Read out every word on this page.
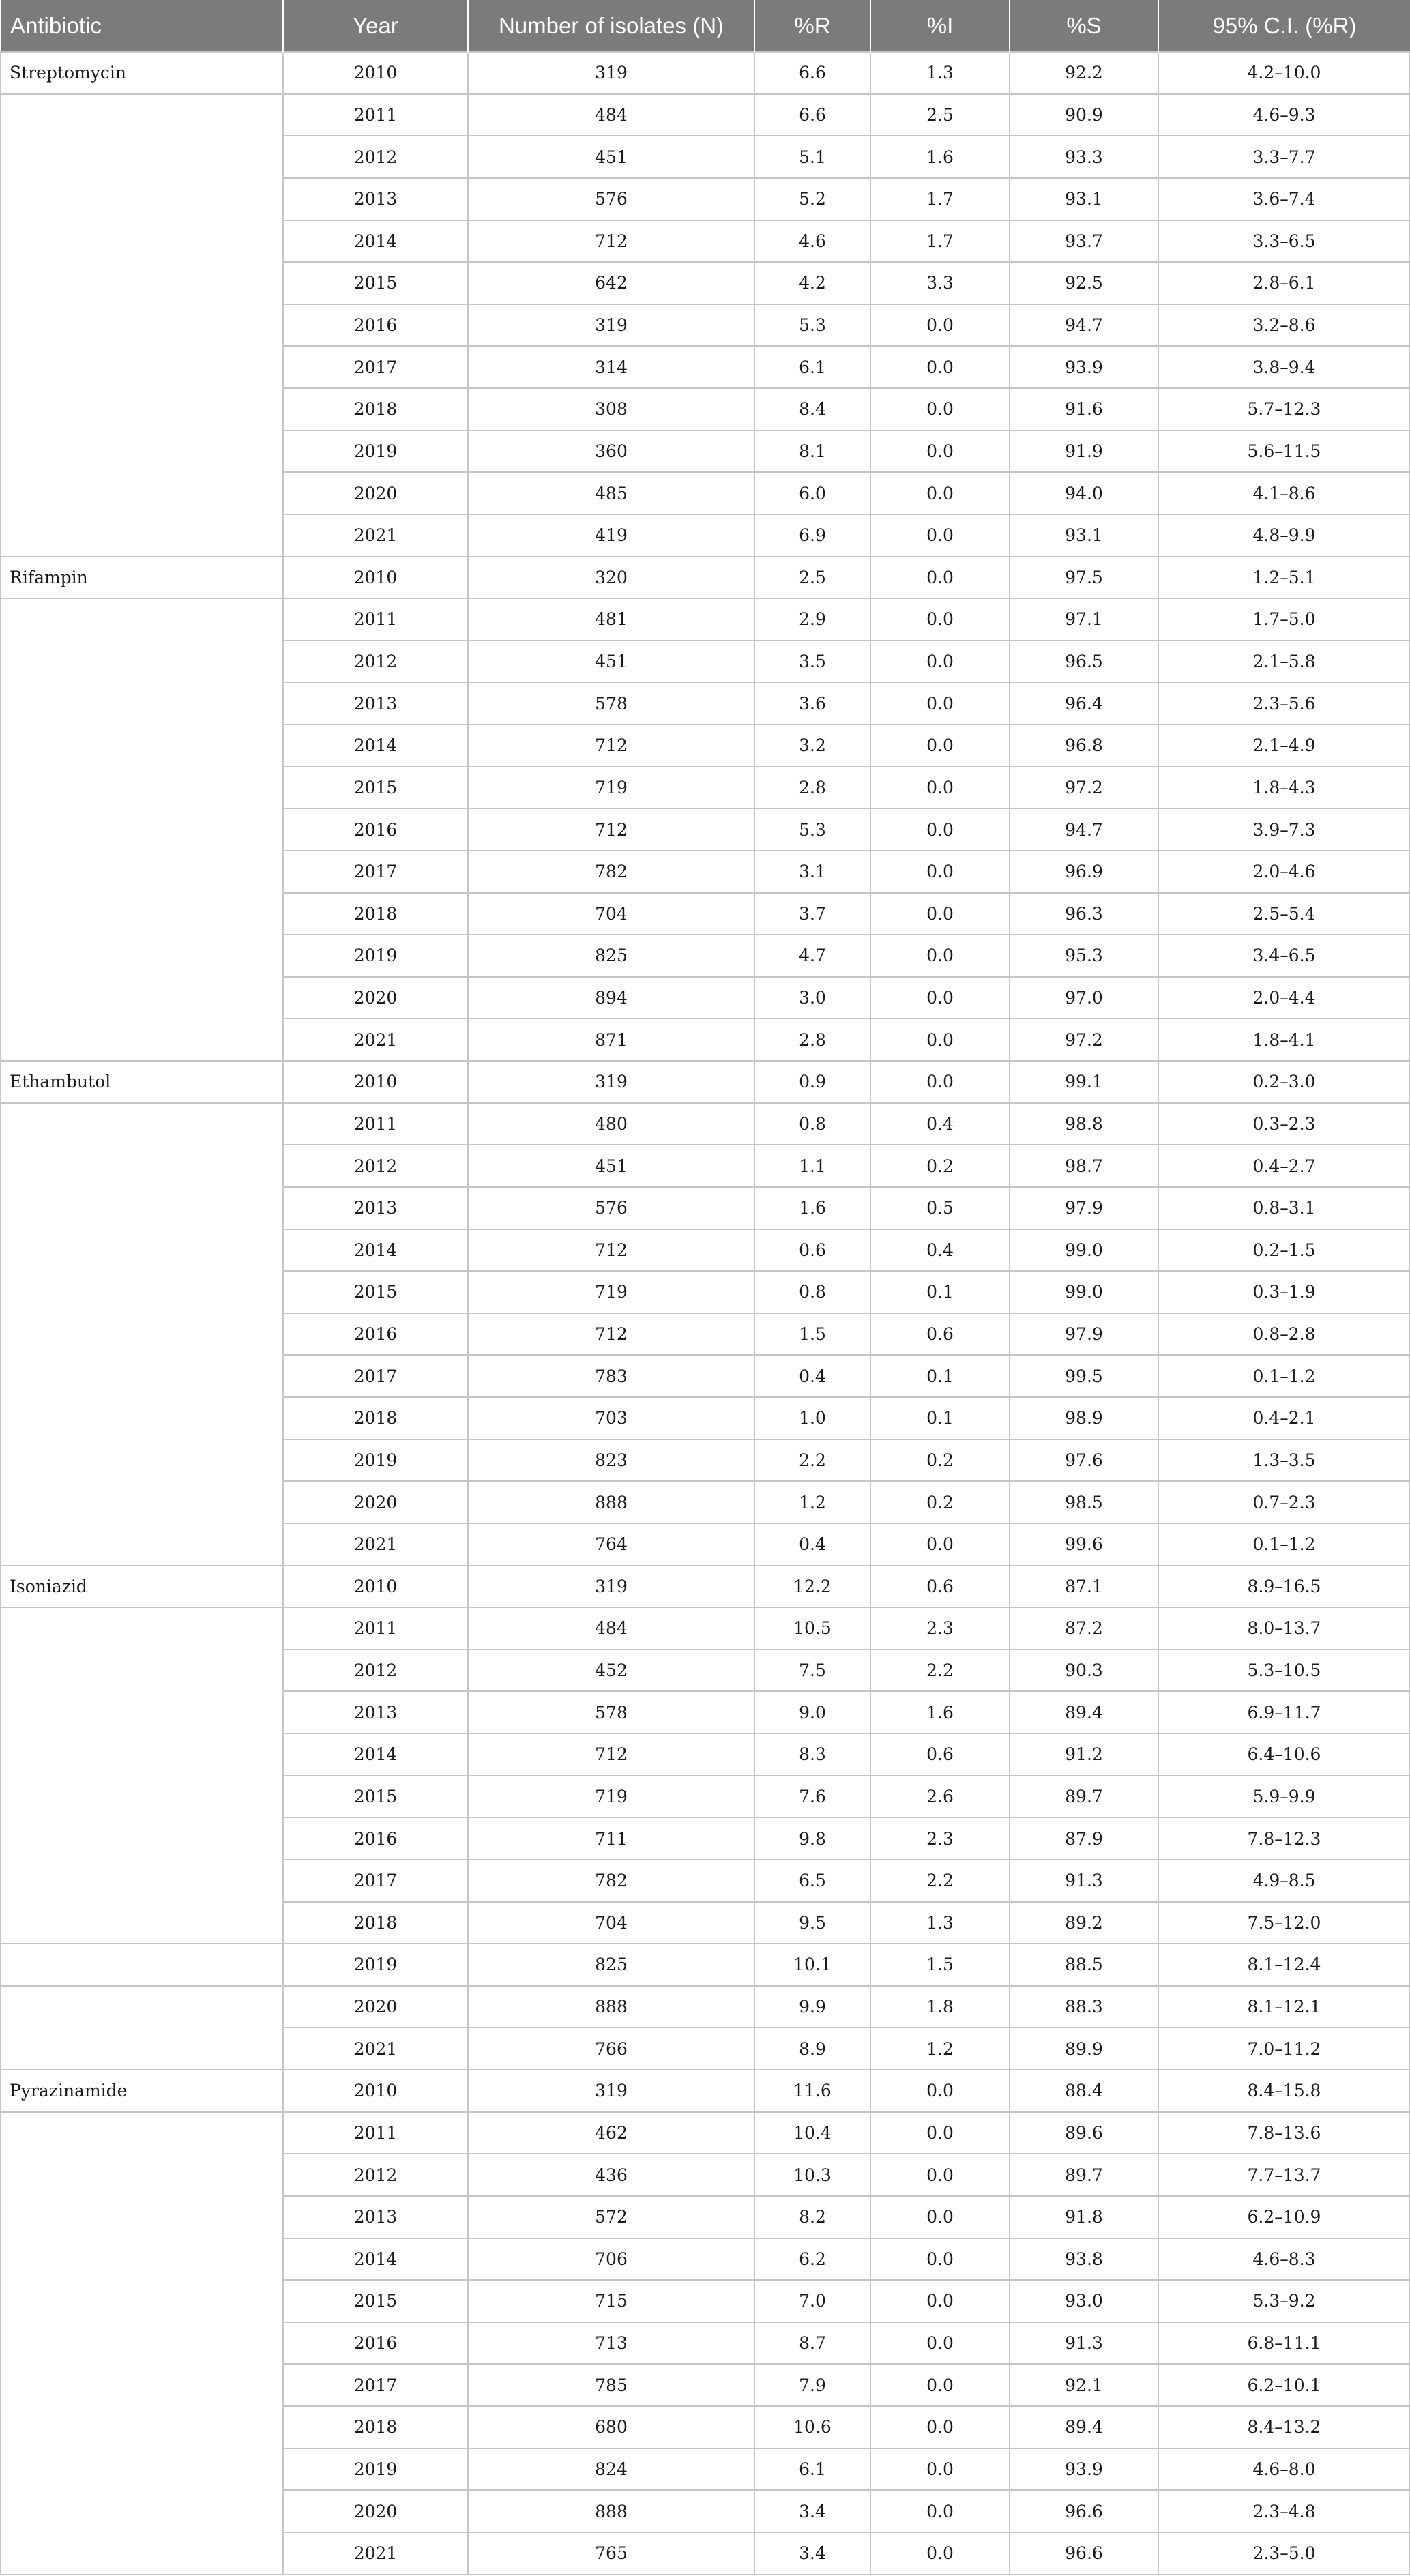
Antibiotic	Year	Number of isolates (N)	%R	%I	%S	95% C.I. (%R)
Streptomycin	2010	319	6.6	1.3	92.2	4.2–10.0
	2011	484	6.6	2.5	90.9	4.6–9.3
	2012	451	5.1	1.6	93.3	3.3–7.7
	2013	576	5.2	1.7	93.1	3.6–7.4
	2014	712	4.6	1.7	93.7	3.3–6.5
	2015	642	4.2	3.3	92.5	2.8–6.1
	2016	319	5.3	0.0	94.7	3.2–8.6
	2017	314	6.1	0.0	93.9	3.8–9.4
	2018	308	8.4	0.0	91.6	5.7–12.3
	2019	360	8.1	0.0	91.9	5.6–11.5
	2020	485	6.0	0.0	94.0	4.1–8.6
	2021	419	6.9	0.0	93.1	4.8–9.9
Rifampin	2010	320	2.5	0.0	97.5	1.2–5.1
	2011	481	2.9	0.0	97.1	1.7–5.0
	2012	451	3.5	0.0	96.5	2.1–5.8
	2013	578	3.6	0.0	96.4	2.3–5.6
	2014	712	3.2	0.0	96.8	2.1–4.9
	2015	719	2.8	0.0	97.2	1.8–4.3
	2016	712	5.3	0.0	94.7	3.9–7.3
	2017	782	3.1	0.0	96.9	2.0–4.6
	2018	704	3.7	0.0	96.3	2.5–5.4
	2019	825	4.7	0.0	95.3	3.4–6.5
	2020	894	3.0	0.0	97.0	2.0–4.4
	2021	871	2.8	0.0	97.2	1.8–4.1
Ethambutol	2010	319	0.9	0.0	99.1	0.2–3.0
	2011	480	0.8	0.4	98.8	0.3–2.3
	2012	451	1.1	0.2	98.7	0.4–2.7
	2013	576	1.6	0.5	97.9	0.8–3.1
	2014	712	0.6	0.4	99.0	0.2–1.5
	2015	719	0.8	0.1	99.0	0.3–1.9
	2016	712	1.5	0.6	97.9	0.8–2.8
	2017	783	0.4	0.1	99.5	0.1–1.2
	2018	703	1.0	0.1	98.9	0.4–2.1
	2019	823	2.2	0.2	97.6	1.3–3.5
	2020	888	1.2	0.2	98.5	0.7–2.3
	2021	764	0.4	0.0	99.6	0.1–1.2
Isoniazid	2010	319	12.2	0.6	87.1	8.9–16.5
	2011	484	10.5	2.3	87.2	8.0–13.7
	2012	452	7.5	2.2	90.3	5.3–10.5
	2013	578	9.0	1.6	89.4	6.9–11.7
	2014	712	8.3	0.6	91.2	6.4–10.6
	2015	719	7.6	2.6	89.7	5.9–9.9
	2016	711	9.8	2.3	87.9	7.8–12.3
	2017	782	6.5	2.2	91.3	4.9–8.5
	2018	704	9.5	1.3	89.2	7.5–12.0
	2019	825	10.1	1.5	88.5	8.1–12.4
	2020	888	9.9	1.8	88.3	8.1–12.1
	2021	766	8.9	1.2	89.9	7.0–11.2
Pyrazinamide	2010	319	11.6	0.0	88.4	8.4–15.8
	2011	462	10.4	0.0	89.6	7.8–13.6
	2012	436	10.3	0.0	89.7	7.7–13.7
	2013	572	8.2	0.0	91.8	6.2–10.9
	2014	706	6.2	0.0	93.8	4.6–8.3
	2015	715	7.0	0.0	93.0	5.3–9.2
	2016	713	8.7	0.0	91.3	6.8–11.1
	2017	785	7.9	0.0	92.1	6.2–10.1
	2018	680	10.6	0.0	89.4	8.4–13.2
	2019	824	6.1	0.0	93.9	4.6–8.0
	2020	888	3.4	0.0	96.6	2.3–4.8
	2021	765	3.4	0.0	96.6	2.3–5.0
